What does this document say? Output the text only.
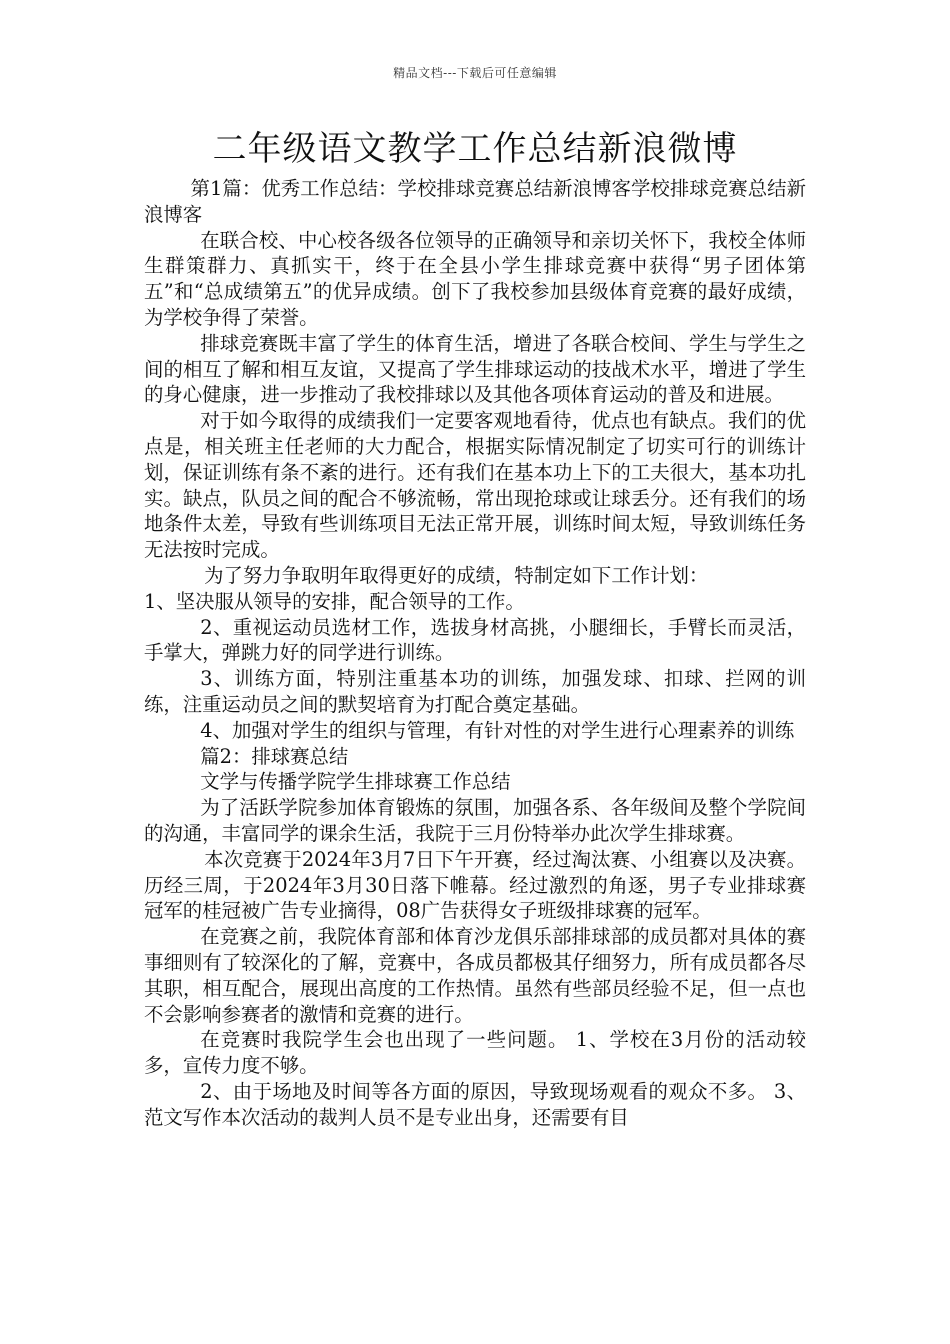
精品文档---下载后可任意编辑
二年级语文教学工作总结新浪微博

第1篇：优秀工作总结：学校排球竞赛总结新浪博客学校排球竞赛总结新浪博客

在联合校、中心校各级各位领导的正确领导和亲切关怀下，我校全体师生群策群力、真抓实干，终于在全县小学生排球竞赛中获得“男子团体第五”和“总成绩第五”的优异成绩。创下了我校参加县级体育竞赛的最好成绩，为学校争得了荣誉。

排球竞赛既丰富了学生的体育生活，增进了各联合校间、学生与学生之间的相互了解和相互友谊，又提高了学生排球运动的技战术水平，增进了学生的身心健康，进一步推动了我校排球以及其他各项体育运动的普及和进展。

对于如今取得的成绩我们一定要客观地看待，优点也有缺点。我们的优点是，相关班主任老师的大力配合，根据实际情况制定了切实可行的训练计划，保证训练有条不紊的进行。还有我们在基本功上下的工夫很大，基本功扎实。缺点，队员之间的配合不够流畅，常出现抢球或让球丢分。还有我们的场地条件太差，导致有些训练项目无法正常开展，训练时间太短，导致训练任务无法按时完成。

为了努力争取明年取得更好的成绩，特制定如下工作计划：

1、坚决服从领导的安排，配合领导的工作。

2、重视运动员选材工作，选拔身材高挑，小腿细长，手臂长而灵活，手掌大，弹跳力好的同学进行训练。

3、训练方面，特别注重基本功的训练，加强发球、扣球、拦网的训练，注重运动员之间的默契培育为打配合奠定基础。

4、加强对学生的组织与管理，有针对性的对学生进行心理素养的训练

篇2：排球赛总结

文学与传播学院学生排球赛工作总结

为了活跃学院参加体育锻炼的氛围，加强各系、各年级间及整个学院间的沟通，丰富同学的课余生活，我院于三月份特举办此次学生排球赛。

本次竞赛于2024年3月7日下午开赛，经过淘汰赛、小组赛以及决赛。历经三周，于2024年3月30日落下帷幕。经过激烈的角逐，男子专业排球赛冠军的桂冠被广告专业摘得，08广告获得女子班级排球赛的冠军。

在竞赛之前，我院体育部和体育沙龙俱乐部排球部的成员都对具体的赛事细则有了较深化的了解，竞赛中，各成员都极其仔细努力，所有成员都各尽其职，相互配合，展现出高度的工作热情。虽然有些部员经验不足，但一点也不会影响参赛者的激情和竞赛的进行。

在竞赛时我院学生会也出现了一些问题。 1、学校在3月份的活动较多，宣传力度不够。

2、由于场地及时间等各方面的原因，导致现场观看的观众不多。 3、范文写作本次活动的裁判人员不是专业出身，还需要有目
